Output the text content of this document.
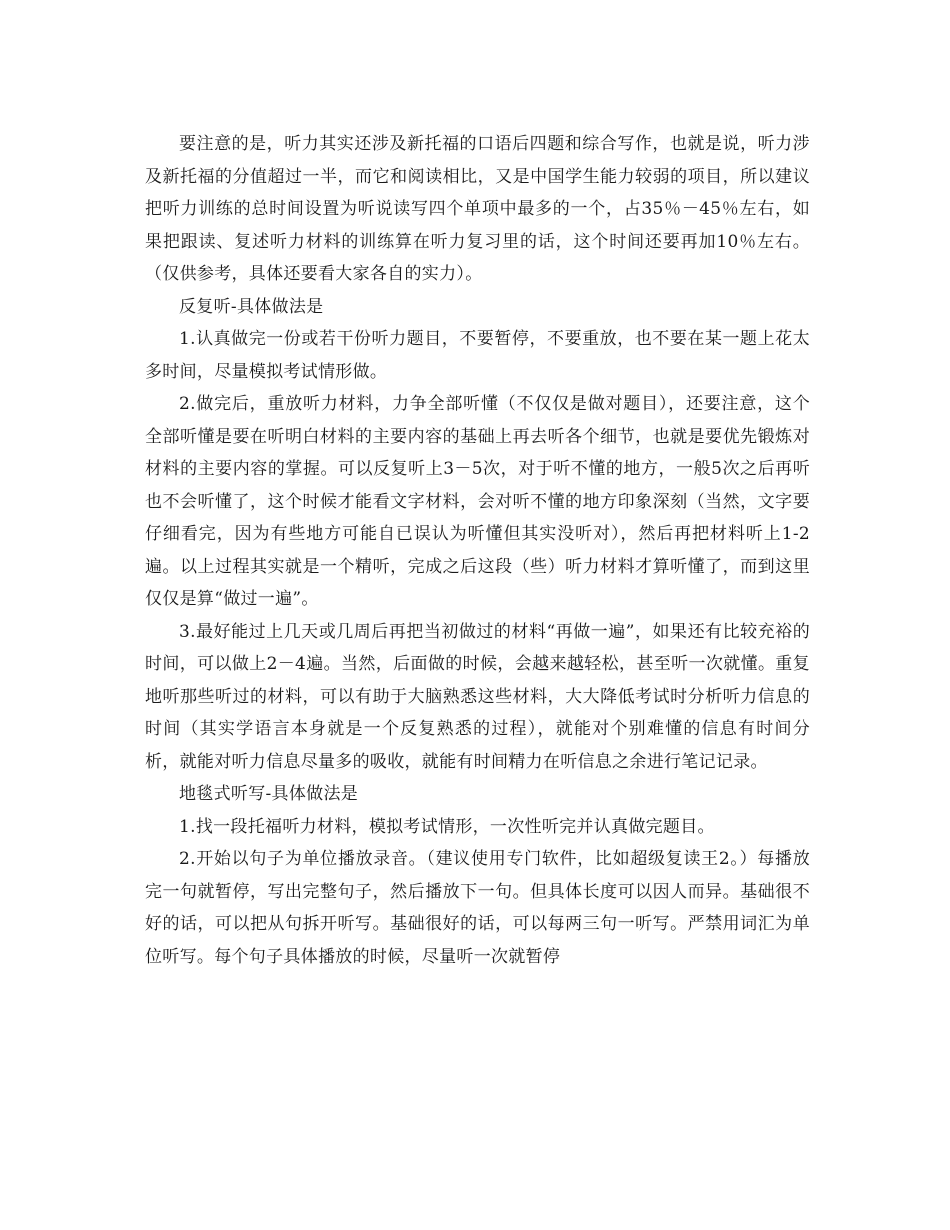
要注意的是，听力其实还涉及新托福的口语后四题和综合写作，也就是说，听力涉及新托福的分值超过一半，而它和阅读相比，又是中国学生能力较弱的项目，所以建议把听力训练的总时间设置为听说读写四个单项中最多的一个，占35％－45％左右，如果把跟读、复述听力材料的训练算在听力复习里的话，这个时间还要再加10％左右。（仅供参考，具体还要看大家各自的实力）。

反复听-具体做法是

1.认真做完一份或若干份听力题目，不要暂停，不要重放，也不要在某一题上花太多时间，尽量模拟考试情形做。

2.做完后，重放听力材料，力争全部听懂（不仅仅是做对题目），还要注意，这个全部听懂是要在听明白材料的主要内容的基础上再去听各个细节，也就是要优先锻炼对材料的主要内容的掌握。可以反复听上3－5次，对于听不懂的地方，一般5次之后再听也不会听懂了，这个时候才能看文字材料，会对听不懂的地方印象深刻（当然，文字要仔细看完，因为有些地方可能自已误认为听懂但其实没听对），然后再把材料听上1-2遍。以上过程其实就是一个精听，完成之后这段（些）听力材料才算听懂了，而到这里仅仅是算“做过一遍”。

3.最好能过上几天或几周后再把当初做过的材料“再做一遍”，如果还有比较充裕的时间，可以做上2－4遍。当然，后面做的时候，会越来越轻松，甚至听一次就懂。重复地听那些听过的材料，可以有助于大脑熟悉这些材料，大大降低考试时分析听力信息的时间（其实学语言本身就是一个反复熟悉的过程），就能对个别难懂的信息有时间分析，就能对听力信息尽量多的吸收，就能有时间精力在听信息之余进行笔记记录。

地毯式听写-具体做法是

1.找一段托福听力材料，模拟考试情形，一次性听完并认真做完题目。

2.开始以句子为单位播放录音。（建议使用专门软件，比如超级复读王2。）每播放完一句就暂停，写出完整句子，然后播放下一句。但具体长度可以因人而异。基础很不好的话，可以把从句拆开听写。基础很好的话，可以每两三句一听写。严禁用词汇为单位听写。每个句子具体播放的时候，尽量听一次就暂停
